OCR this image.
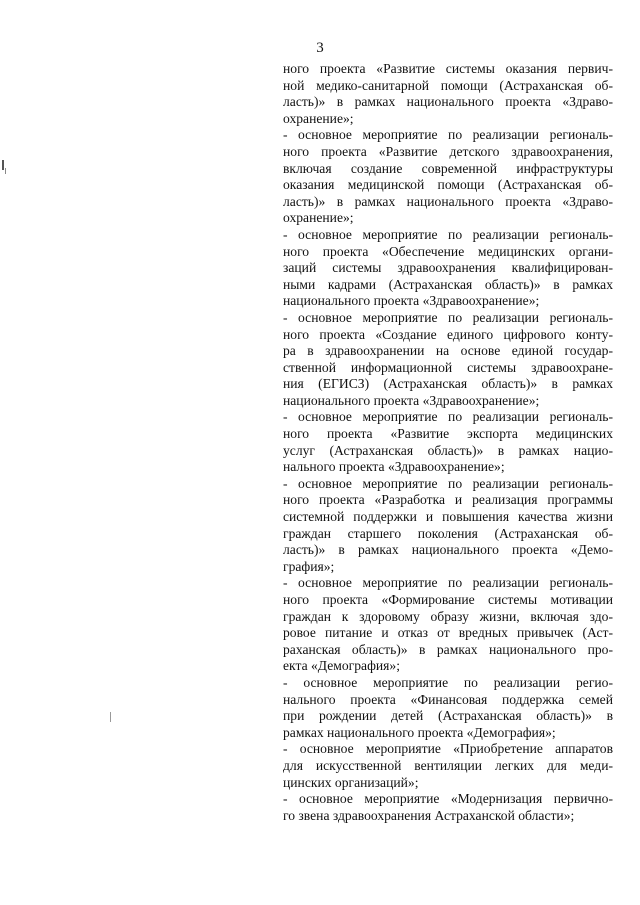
3
ного проекта «Развитие системы оказания первич-
ной медико-санитарной помощи (Астраханская об-
ласть)» в рамках национального проекта «Здраво-
охранение»;
- основное мероприятие по реализации региональ-
ного проекта «Развитие детского здравоохранения,
включая создание современной инфраструктуры
оказания медицинской помощи (Астраханская об-
ласть)» в рамках национального проекта «Здраво-
охранение»;
- основное мероприятие по реализации региональ-
ного проекта «Обеспечение медицинских органи-
заций системы здравоохранения квалифицирован-
ными кадрами (Астраханская область)» в рамках
национального проекта «Здравоохранение»;
- основное мероприятие по реализации региональ-
ного проекта «Создание единого цифрового конту-
ра в здравоохранении на основе единой государ-
ственной информационной системы здравоохране-
ния (ЕГИСЗ) (Астраханская область)» в рамках
национального проекта «Здравоохранение»;
- основное мероприятие по реализации региональ-
ного проекта «Развитие экспорта медицинских
услуг (Астраханская область)» в рамках нацио-
нального проекта «Здравоохранение»;
- основное мероприятие по реализации региональ-
ного проекта «Разработка и реализация программы
системной поддержки и повышения качества жизни
граждан старшего поколения (Астраханская об-
ласть)» в рамках национального проекта «Демо-
графия»;
- основное мероприятие по реализации региональ-
ного проекта «Формирование системы мотивации
граждан к здоровому образу жизни, включая здо-
ровое питание и отказ от вредных привычек (Аст-
раханская область)» в рамках национального про-
екта «Демография»;
- основное мероприятие по реализации регио-
нального проекта «Финансовая поддержка семей
при рождении детей (Астраханская область)» в
рамках национального проекта «Демография»;
- основное мероприятие «Приобретение аппаратов
для искусственной вентиляции легких для меди-
цинских организаций»;
- основное мероприятие «Модернизация первично-
го звена здравоохранения Астраханской области»;
